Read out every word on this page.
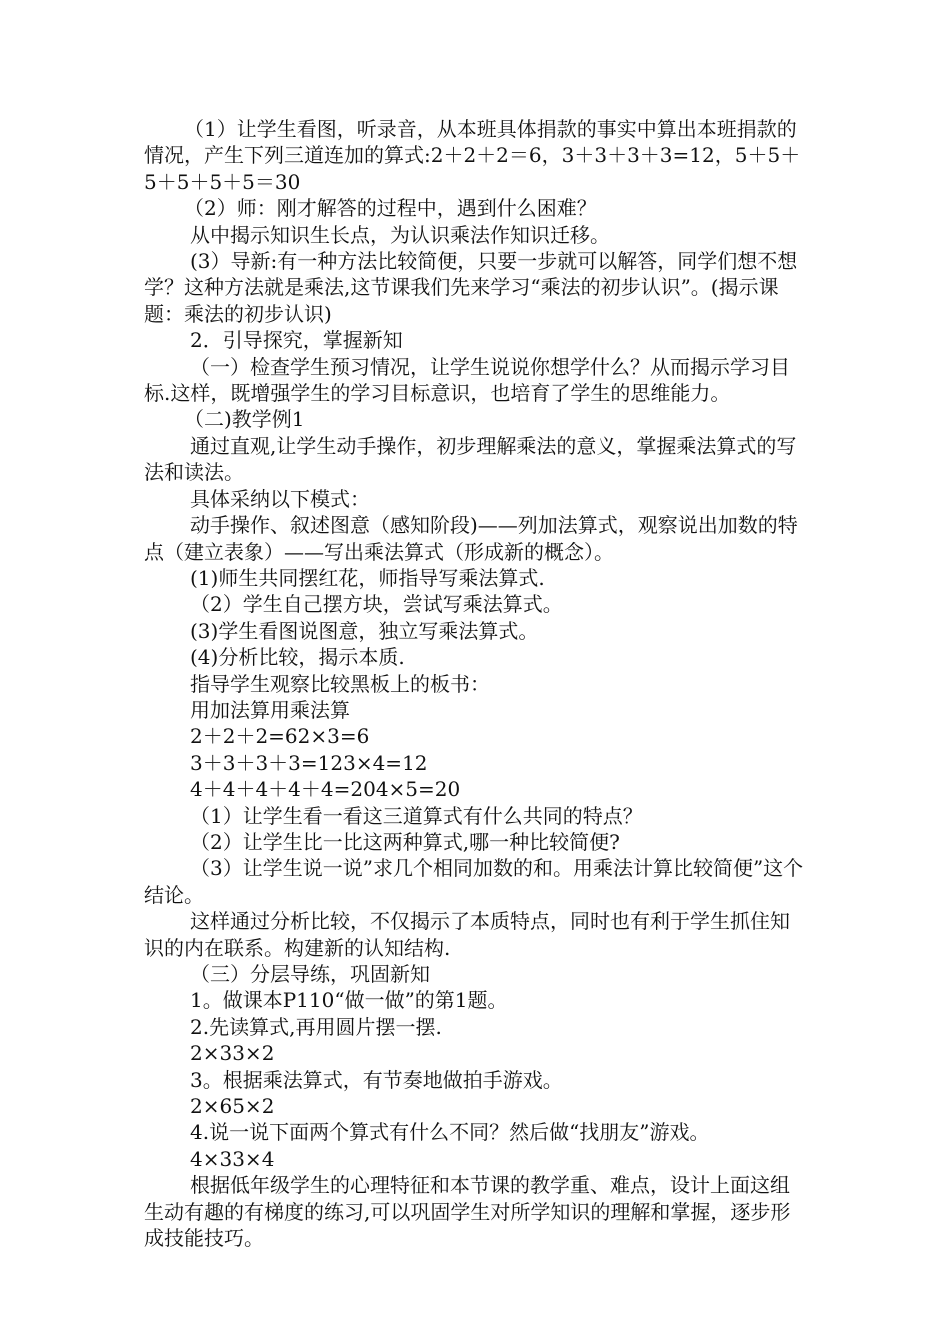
（1）让学生看图，听录音，从本班具体捐款的事实中算出本班捐款的情况，产生下列三道连加的算式:2＋2＋2＝6，3＋3＋3＋3=12，5＋5＋5＋5＋5＋5＝30

（2）师：刚才解答的过程中，遇到什么困难？

从中揭示知识生长点，为认识乘法作知识迁移。

(3）导新:有一种方法比较简便，只要一步就可以解答，同学们想不想学？这种方法就是乘法,这节课我们先来学习“乘法的初步认识”。(揭示课题：乘法的初步认识)

2．引导探究，掌握新知

（一）检查学生预习情况，让学生说说你想学什么？从而揭示学习目标.这样，既增强学生的学习目标意识，也培育了学生的思维能力。

（二)教学例1

通过直观,让学生动手操作，初步理解乘法的意义，掌握乘法算式的写法和读法。

具体采纳以下模式：

动手操作、叙述图意（感知阶段)——列加法算式，观察说出加数的特点（建立表象）——写出乘法算式（形成新的概念）。

(1)师生共同摆红花，师指导写乘法算式.

（2）学生自己摆方块，尝试写乘法算式。

(3)学生看图说图意，独立写乘法算式。

(4)分析比较，揭示本质.

指导学生观察比较黑板上的板书：

用加法算用乘法算

2＋2＋2=62×3=6

3＋3＋3＋3=123×4=12

4＋4＋4＋4＋4=204×5=20

（1）让学生看一看这三道算式有什么共同的特点？

（2）让学生比一比这两种算式,哪一种比较简便?

（3）让学生说一说”求几个相同加数的和。用乘法计算比较简便”这个结论。

这样通过分析比较，不仅揭示了本质特点，同时也有利于学生抓住知识的内在联系。构建新的认知结构.

（三）分层导练，巩固新知

1。做课本P110“做一做”的第1题。

2.先读算式,再用圆片摆一摆.

2×33×2

3。根据乘法算式，有节奏地做拍手游戏。

2×65×2

4.说一说下面两个算式有什么不同？然后做“找朋友”游戏。

4×33×4

根据低年级学生的心理特征和本节课的教学重、难点，设计上面这组生动有趣的有梯度的练习,可以巩固学生对所学知识的理解和掌握，逐步形成技能技巧。
